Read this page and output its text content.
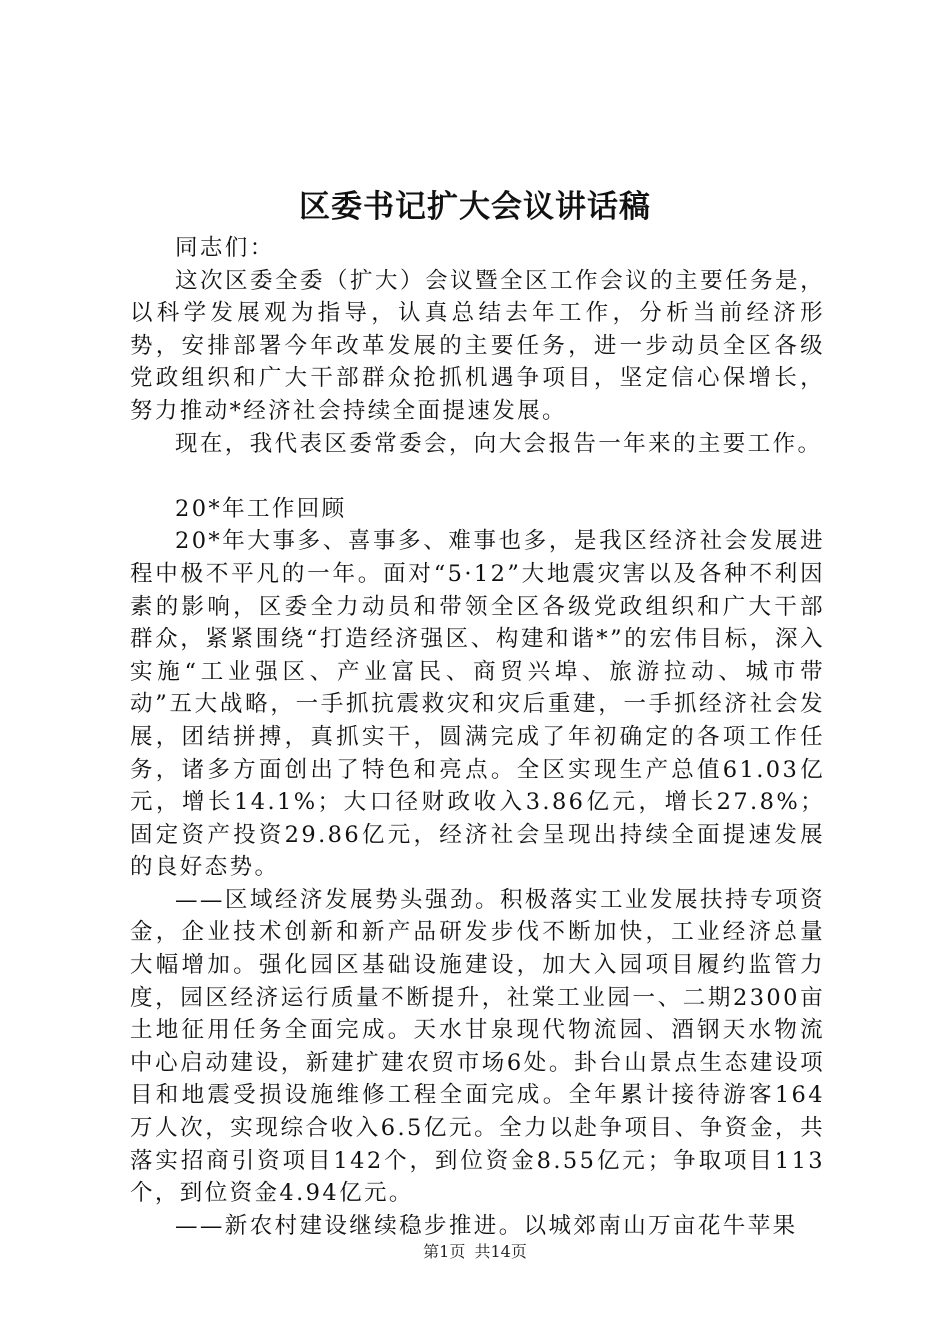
区委书记扩大会议讲话稿

同志们：

这次区委全委（扩大）会议暨全区工作会议的主要任务是，以科学发展观为指导，认真总结去年工作，分析当前经济形势，安排部署今年改革发展的主要任务，进一步动员全区各级党政组织和广大干部群众抢抓机遇争项目，坚定信心保增长，努力推动*经济社会持续全面提速发展。

现在，我代表区委常委会，向大会报告一年来的主要工作。

20*年工作回顾

20*年大事多、喜事多、难事也多，是我区经济社会发展进程中极不平凡的一年。面对“5·12”大地震灾害以及各种不利因素的影响，区委全力动员和带领全区各级党政组织和广大干部群众，紧紧围绕“打造经济强区、构建和谐*”的宏伟目标，深入实施“工业强区、产业富民、商贸兴埠、旅游拉动、城市带动”五大战略，一手抓抗震救灾和灾后重建，一手抓经济社会发展，团结拼搏，真抓实干，圆满完成了年初确定的各项工作任务，诸多方面创出了特色和亮点。全区实现生产总值61.03亿元，增长14.1%；大口径财政收入3.86亿元，增长27.8%；固定资产投资29.86亿元，经济社会呈现出持续全面提速发展的良好态势。

——区域经济发展势头强劲。积极落实工业发展扶持专项资金，企业技术创新和新产品研发步伐不断加快，工业经济总量大幅增加。强化园区基础设施建设，加大入园项目履约监管力度，园区经济运行质量不断提升，社棠工业园一、二期2300亩土地征用任务全面完成。天水甘泉现代物流园、酒钢天水物流中心启动建设，新建扩建农贸市场6处。卦台山景点生态建设项目和地震受损设施维修工程全面完成。全年累计接待游客164万人次，实现综合收入6.5亿元。全力以赴争项目、争资金，共落实招商引资项目142个，到位资金8.55亿元；争取项目113个，到位资金4.94亿元。

——新农村建设继续稳步推进。以城郊南山万亩花牛苹果

第1页 共14页
